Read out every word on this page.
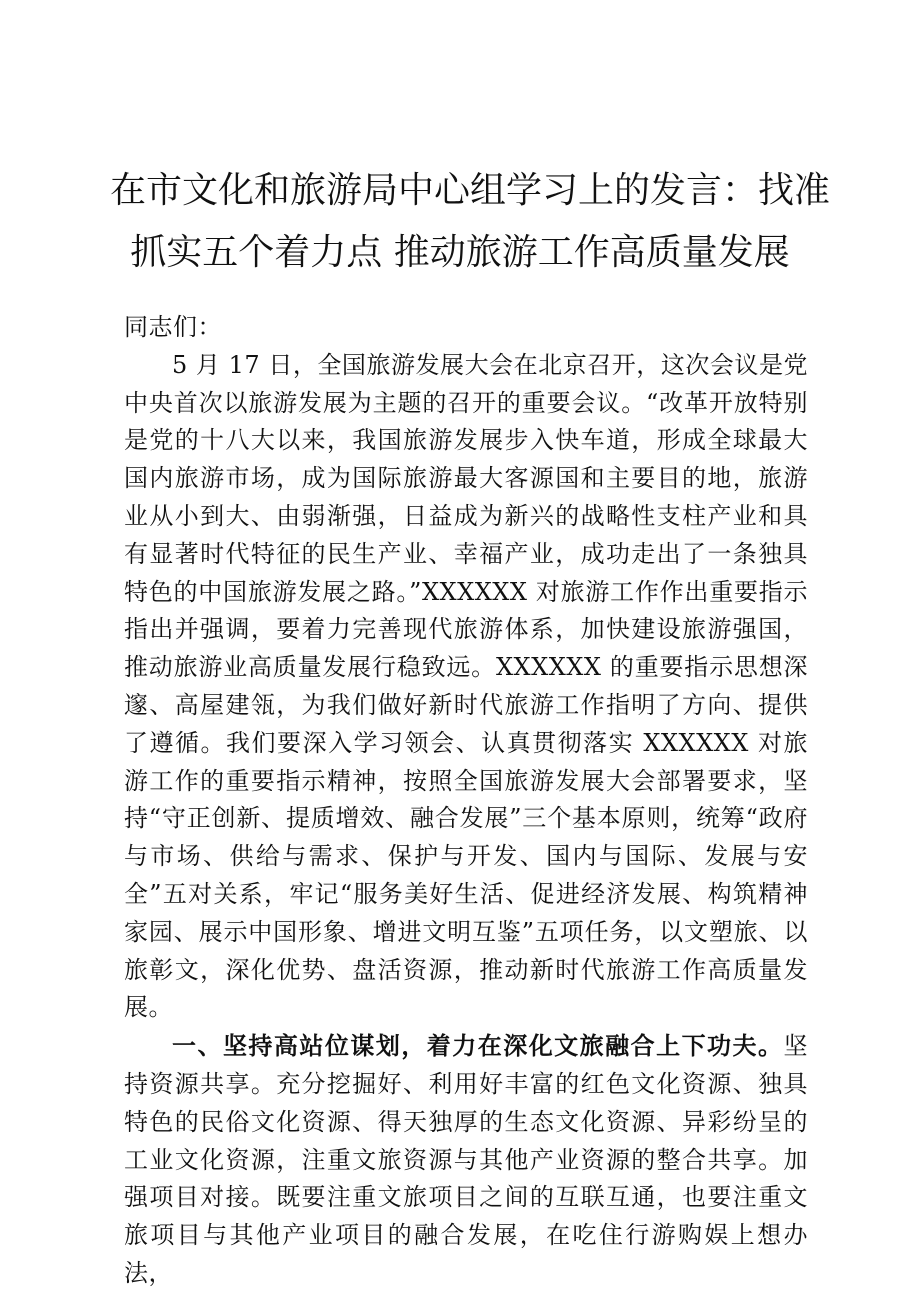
在市文化和旅游局中心组学习上的发言：找准
抓实五个着力点 推动旅游工作高质量发展

同志们：

5 月 17 日，全国旅游发展大会在北京召开，这次会议是党中央首次以旅游发展为主题的召开的重要会议。“改革开放特别是党的十八大以来，我国旅游发展步入快车道，形成全球最大国内旅游市场，成为国际旅游最大客源国和主要目的地，旅游业从小到大、由弱渐强，日益成为新兴的战略性支柱产业和具有显著时代特征的民生产业、幸福产业，成功走出了一条独具特色的中国旅游发展之路。”XXXXXX 对旅游工作作出重要指示指出并强调，要着力完善现代旅游体系，加快建设旅游强国，推动旅游业高质量发展行稳致远。XXXXXX 的重要指示思想深邃、高屋建瓴，为我们做好新时代旅游工作指明了方向、提供了遵循。我们要深入学习领会、认真贯彻落实 XXXXXX 对旅游工作的重要指示精神，按照全国旅游发展大会部署要求，坚持“守正创新、提质增效、融合发展”三个基本原则，统筹“政府与市场、供给与需求、保护与开发、国内与国际、发展与安全”五对关系，牢记“服务美好生活、促进经济发展、构筑精神家园、展示中国形象、增进文明互鉴”五项任务，以文塑旅、以旅彰文，深化优势、盘活资源，推动新时代旅游工作高质量发展。

一、坚持高站位谋划，着力在深化文旅融合上下功夫。坚持资源共享。充分挖掘好、利用好丰富的红色文化资源、独具特色的民俗文化资源、得天独厚的生态文化资源、异彩纷呈的工业文化资源，注重文旅资源与其他产业资源的整合共享。加强项目对接。既要注重文旅项目之间的互联互通，也要注重文旅项目与其他产业项目的融合发展，在吃住行游购娱上想办法，
